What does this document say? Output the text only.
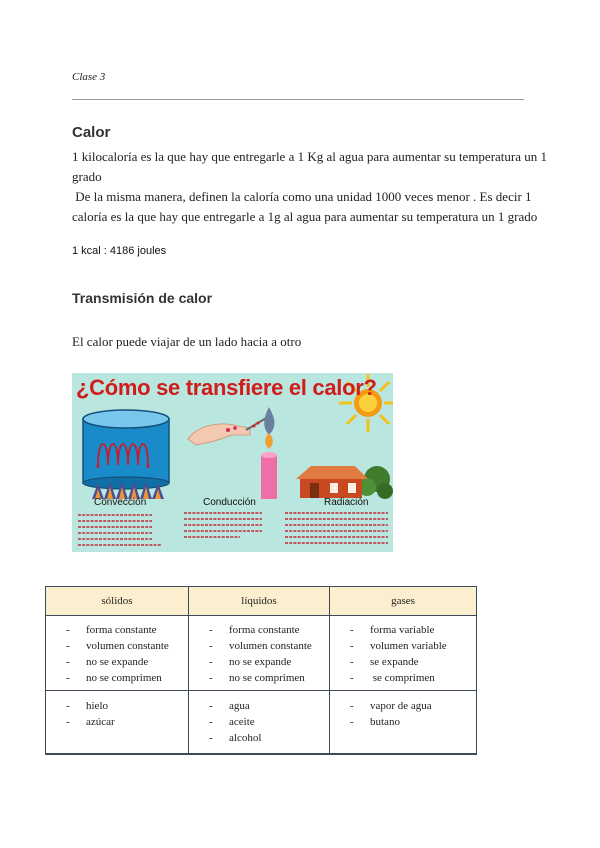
Clase 3
Calor
1 kilocaloría es la que hay que entregarle a 1 Kg al agua para aumentar su temperatura un 1
grado
De la misma manera, definen la caloría como una unidad 1000 veces menor . Es decir 1
caloría es la que hay que entregarle a 1g al agua para aumentar su temperatura un 1 grado
1 kcal : 4186 joules
Transmisión de calor
El calor puede viajar de un lado hacia a otro
¿Cómo se transfiere el calor?
Convección	Conducción	Radiación
sólidos	líquidos	gases

- forma constante
- volumen constante
- no se expande
- no se comprimen	- forma constante
- volumen constante
- no se expande
- no se comprimen	- forma variable
- volumen variable
- se expande
- se comprimen

- hielo
- azúcar	- agua
- aceite
- alcohol	- vapor de agua
- butano
